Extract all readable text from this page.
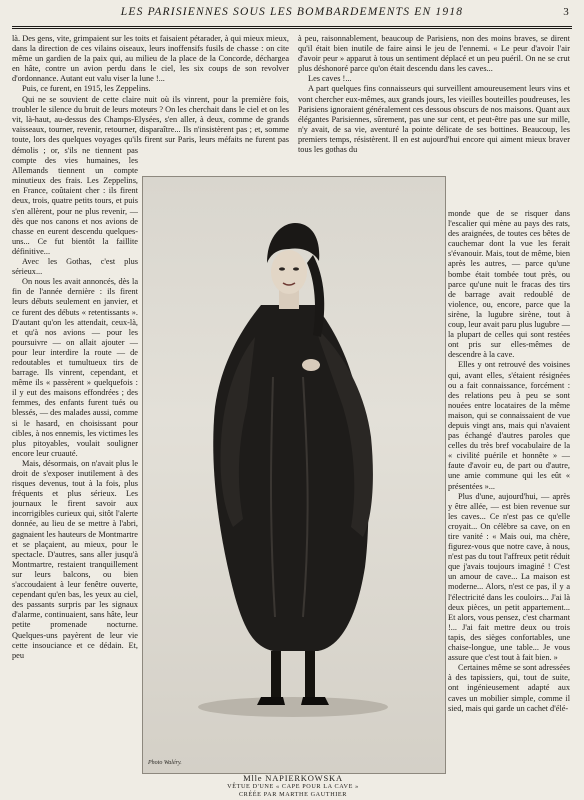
LES PARISIENNES SOUS LES BOMBARDEMENTS EN 1918	3

là. Des gens, vite, grimpaient sur les toits et faisaient pétarader, à qui mieux mieux, dans la direction de ces vilains oiseaux, leurs inoffensifs fusils de chasse : on cite même un gardien de la paix qui, au milieu de la place de la Concorde, déchargea en hâte, contre un avion perdu dans le ciel, les six coups de son revolver d'ordonnance. Autant eut valu viser la lune !...

Puis, ce furent, en 1915, les Zeppelins.

Qui ne se souvient de cette claire nuit où ils vinrent, pour la première fois, troubler le silence du bruit de leurs moteurs ? On les cherchait dans le ciel et on les vit, là-haut, au-dessus des Champs-Elysées, s'en aller, à deux, comme de grands vaisseaux, tourner, revenir, retourner, disparaître... Ils n'insistèrent pas ; et, somme toute, lors des quelques voyages qu'ils firent sur Paris, leurs méfaits ne furent pas

démolis ; or, s'ils ne tiennent pas compte des vies humaines, les Allemands tiennent un compte minutieux des frais. Les Zeppelins, en France, coûtaient cher : ils firent deux, trois, quatre petits tours, et puis s'en allèrent, pour ne plus revenir, — dès que nos canons et nos avions de chasse en eurent descendu quelques-uns... Ce fut bientôt la faillite définitive...

Avec les Gothas, c'est plus sérieux...

On nous les avait annoncés, dès la fin de l'année dernière : ils firent leurs débuts seulement en janvier, et ce furent des débuts « retentissants ». D'autant qu'on les attendait, ceux-là, et qu'à nos avions — pour les poursuivre — on allait ajouter — pour leur interdire la route — de redoutables et tumultueux tirs de barrage. Ils vinrent, cependant, et même ils « passèrent » quelquefois : il y eut des maisons effondrées ; des femmes, des enfants furent tués ou blessés, — des malades aussi, comme si le hasard, en choisissant pour cibles, à nos ennemis, les victimes les plus pitoyables, voulait souligner encore leur cruauté.

Mais, désormais, on n'avait plus le droit de s'exposer inutilement à des risques devenus, tout à la fois, plus fréquents et plus sérieux. Les journaux le firent savoir aux incorrigibles curieux qui, sitôt l'alerte donnée, au lieu de se mettre à l'abri, gagnaient les hauteurs de Montmartre et se plaçaient, au mieux, pour le spectacle. D'autres, sans aller jusqu'à Montmartre, restaient tranquillement sur leurs balcons, ou bien s'accoudaient à leur fenêtre ouverte, cependant qu'en bas, les yeux au ciel, des passants surpris par les signaux d'alarme, continuaient, sans hâte, leur petite promenade nocturne. Quelques-uns payèrent de leur vie cette insouciance et ce dédain. Et, peu

à peu, raisonnablement, beaucoup de Parisiens, non des moins braves, se dirent qu'il était bien inutile de faire ainsi le jeu de l'ennemi. « Le peur d'avoir l'air d'avoir peur » apparut à tous un sentiment déplacé et un peu puéril. On ne se crut plus déshonoré parce qu'on était descendu dans les caves...

Les caves !...

A part quelques fins connaisseurs qui surveillent amoureusement leurs vins et vont chercher eux-mêmes, aux grands jours, les vieilles bouteilles poudreuses, les Parisiens ignoraient généralement ces dessous obscurs de nos maisons. Quant aux élégantes Parisiennes, sûrement, pas une sur cent, et peut-être pas une sur mille, n'y avait, de sa vie, aventuré la pointe délicate de ses bottines. Beaucoup, les premiers temps, résistèrent. Il en est aujourd'hui encore qui aiment mieux braver tous les gothas du

monde que de se risquer dans l'escalier qui mène au pays des rats, des araignées, de toutes ces bêtes de cauchemar dont la vue les ferait s'évanouir. Mais, tout de même, bien après les autres, — parce qu'une bombe était tombée tout près, ou parce qu'une nuit le fracas des tirs de barrage avait redoublé de violence, ou, encore, parce que la sirène, la lugubre sirène, tout à coup, leur avait paru plus lugubre — la plupart de celles qui sont restées ont pris sur elles-mêmes de descendre à la cave.

Elles y ont retrouvé des voisines qui, avant elles, s'étaient résignées ou a fait connaissance, forcément : des relations peu à peu se sont nouées entre locataires de la même maison, qui se connaissaient de vue depuis vingt ans, mais qui n'avaient pas échangé d'autres paroles que celles du très bref vocabulaire de la « civilité puérile et honnête » — faute d'avoir eu, de part ou d'autre, une amie commune qui les eût « présentées »...

Plus d'une, aujourd'hui, — après y être allée, — est bien revenue sur les caves... Ce n'est pas ce qu'elle croyait... On célèbre sa cave, on en tire vanité : « Mais oui, ma chère, figurez-vous que notre cave, à nous, n'est pas du tout l'affreux petit réduit que j'avais toujours imaginé ! C'est un amour de cave... La maison est moderne... Alors, n'est ce pas, il y a l'électricité dans les couloirs... J'ai là deux pièces, un petit appartement... Et alors, vous pensez, c'est charmant !... J'ai fait mettre deux ou trois tapis, des sièges confortables, une chaise-longue, une table... Je vous assure que c'est tout à fait bien. »

Certaines même se sont adressées à des tapissiers, qui, tout de suite, ont ingénieusement adapté aux caves un mobilier simple, comme il sied, mais qui garde un cachet d'élé-

Photo Waléry.
Mlle NAPIERKOWSKA
VÊTUE D'UNE « CAPE POUR LA CAVE »
CRÉÉE PAR MARTHE GAUTHIER
